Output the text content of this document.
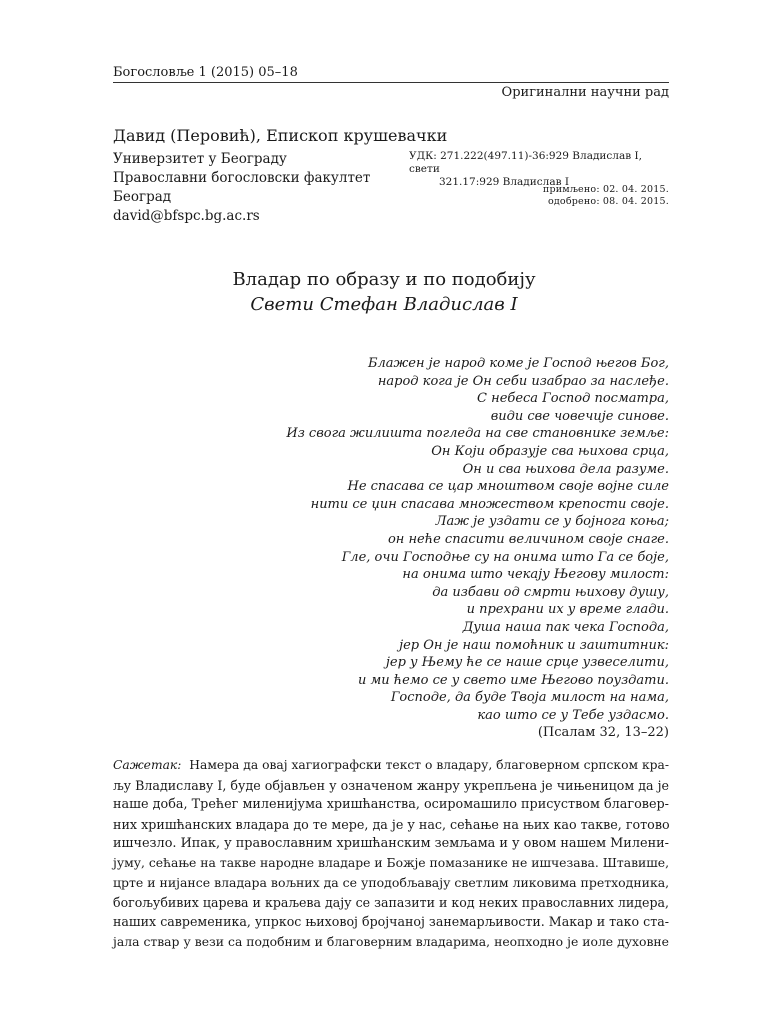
Богословље 1 (2015) 05–18
Оригинални научни рад
Давид (Перовић), Епископ крушевачки
Универзитет у Београду
Православни богословски факултет
Београд
david@bfspc.bg.ac.rs
УДК: 271.222(497.11)-36:929 Владислав I, свети
321.17:929 Владислав I
примљено: 02. 04. 2015.
одобрено: 08. 04. 2015.
Владар по образу и по подобију
Свети Стефан Владислав I
Блажен је народ коме је Господ његов Бог,
народ кога је Он себи изабрао за наслеђе.
С небеса Господ посматра,
види све човечије синове.
Из свога жилишта погледа на све становнике земље:
Он Који образује сва њихова срца,
Он и сва њихова дела разуме.
Не спасава се цар мноштвом своје војне силе
нити се џин спасава множеством крепости своје.
Лаж је уздати се у бојнога коња;
он неће спасити величином своје снаге.
Гле, очи Господње су на онима што Га се боје,
на онима што чекају Његову милост:
да избави од смрти њихову душу,
и прехрани их у време глади.
Душа наша пак чека Господа,
јер Он је наш помоћник и заштитник:
јер у Њему ће се наше срце узвеселити,
и ми ћемо се у свето име Његово поуздати.
Господе, да буде Твоја милост на нама,
као што се у Тебе уздасмо.
(Псалам 32, 13–22)
Сажетак: Намера да овај хагиографски текст о владару, благоверном српском кра-
љу Владиславу I, буде објављен у означеном жанру укрепљена је чињеницом да је
наше доба, Трећег миленијума хришћанства, осиромашило присуством благовер-
них хришћанских владара до те мере, да је у нас, сећање на њих као такве, готово
ишчезло. Ипак, у православним хришћанским земљама и у овом нашем Милени-
јуму, сећање на такве народне владаре и Божје помазанике не ишчезава. Штавише,
црте и нијансе владара вољних да се уподобљавају светлим ликовима претходника,
богољубивих царева и краљева дају се запазити и код неких православних лидера,
наших савременика, упркос њиховој бројчаној занемарљивости. Макар и тако ста-
јала ствар у вези са подобним и благоверним владарима, неопходно је иоле духовне
